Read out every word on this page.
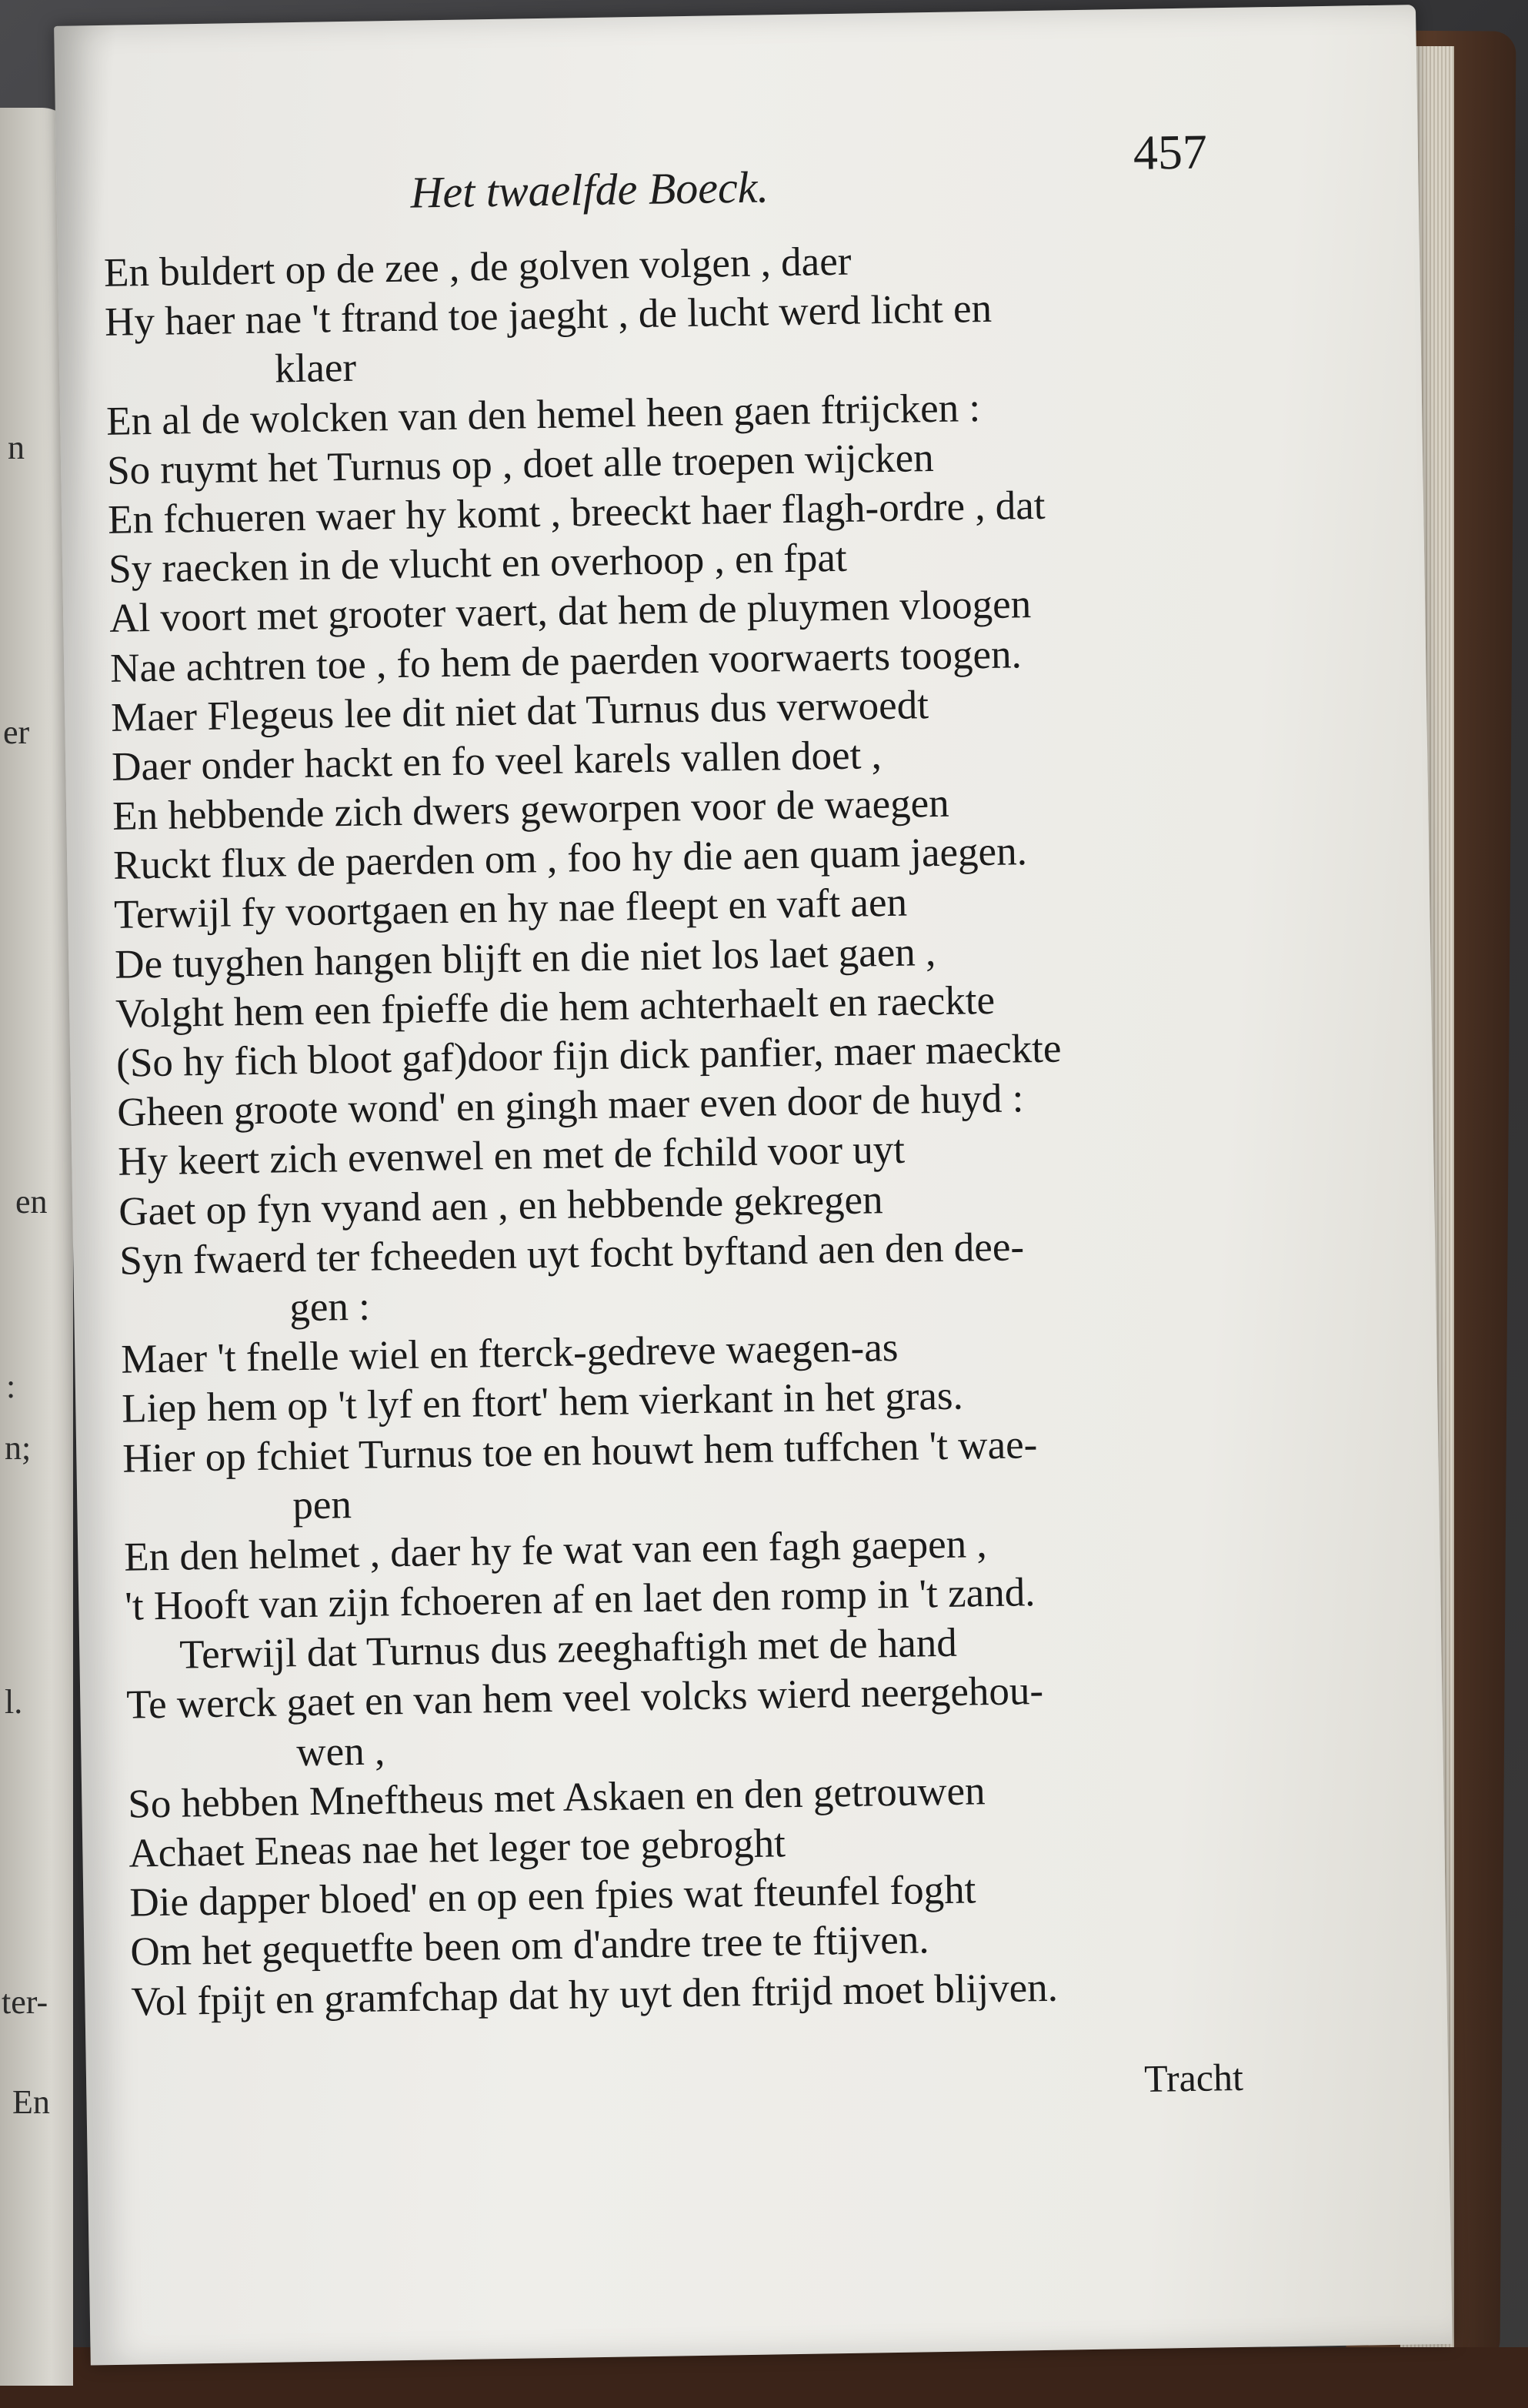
n
er
en
:
n;
l.
ter-
En
Het twaelfde Boeck.
457
En buldert op de zee , de golven volgen , daer
Hy haer nae 't ftrand toe jaeght , de lucht werd licht en
klaer
En al de wolcken van den hemel heen gaen ftrijcken :
So ruymt het Turnus op , doet alle troepen wijcken
En fchueren waer hy komt , breeckt haer flagh-ordre , dat
Sy raecken in de vlucht en overhoop , en fpat
Al voort met grooter vaert, dat hem de pluymen vloogen
Nae achtren toe , fo hem de paerden voorwaerts toogen.
Maer Flegeus lee dit niet dat Turnus dus verwoedt
Daer onder hackt en fo veel karels vallen doet ,
En hebbende zich dwers geworpen voor de waegen
Ruckt flux de paerden om , foo hy die aen quam jaegen.
Terwijl fy voortgaen en hy nae fleept en vaft aen
De tuyghen hangen blijft en die niet los laet gaen ,
Volght hem een fpieffe die hem achterhaelt en raeckte
(So hy fich bloot gaf)door fijn dick panfier, maer maeckte
Gheen groote wond' en gingh maer even door de huyd :
Hy keert zich evenwel en met de fchild voor uyt
Gaet op fyn vyand aen , en hebbende gekregen
Syn fwaerd ter fcheeden uyt focht byftand aen den dee-
gen :
Maer 't fnelle wiel en fterck-gedreve waegen-as
Liep hem op 't lyf en ftort' hem vierkant in het gras.
Hier op fchiet Turnus toe en houwt hem tuffchen 't wae-
pen
En den helmet , daer hy fe wat van een fagh gaepen ,
't Hooft van zijn fchoeren af en laet den romp in 't zand.
Terwijl dat Turnus dus zeeghaftigh met de hand
Te werck gaet en van hem veel volcks wierd neergehou-
wen ,
So hebben Mneftheus met Askaen en den getrouwen
Achaet Eneas nae het leger toe gebroght
Die dapper bloed' en op een fpies wat fteunfel foght
Om het gequetfte been om d'andre tree te ftijven.
Vol fpijt en gramfchap dat hy uyt den ftrijd moet blijven.
Tracht
